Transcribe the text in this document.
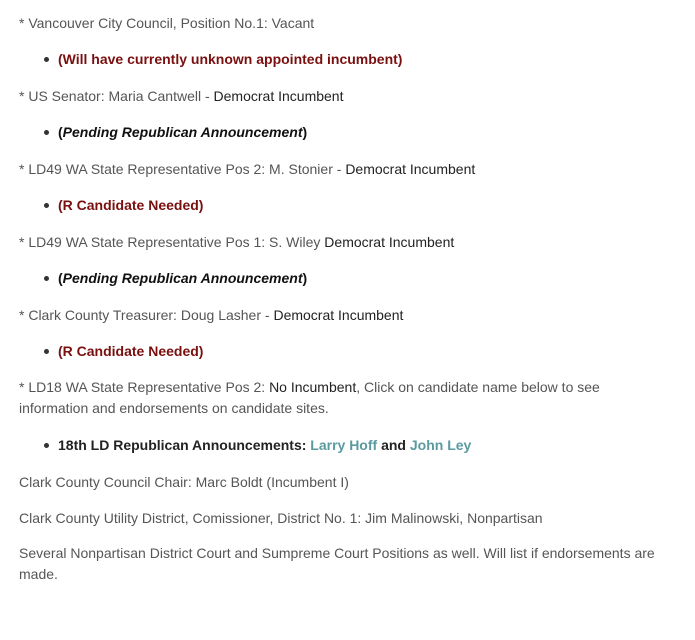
* Vancouver City Council, Position No.1: Vacant
(Will have currently unknown appointed incumbent)
* US Senator: Maria Cantwell - Democrat Incumbent
(Pending Republican Announcement)
* LD49 WA State Representative Pos 2: M. Stonier - Democrat Incumbent
(R Candidate Needed)
* LD49 WA State Representative Pos 1: S. Wiley Democrat Incumbent
(Pending Republican Announcement)
* Clark County Treasurer: Doug Lasher - Democrat Incumbent
(R Candidate Needed)
* LD18 WA State Representative Pos 2: No Incumbent, Click on candidate name below to see information and endorsements on candidate sites.
18th LD Republican Announcements: Larry Hoff and John Ley
Clark County Council Chair: Marc Boldt (Incumbent I)
Clark County Utility District, Comissioner, District No. 1: Jim Malinowski, Nonpartisan
Several Nonpartisan District Court and Sumpreme Court Positions as well. Will list if endorsements are made.
